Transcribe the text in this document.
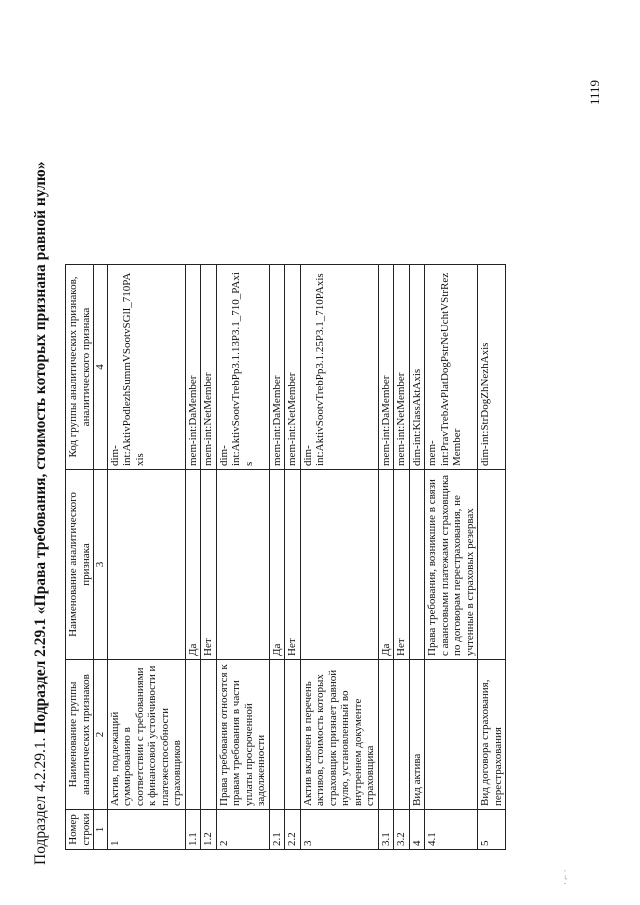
Подраздел 4.2.29.1. Подраздел 2.29.1 «Права требования, стоимость которых признана равной нулю»
Номер строки	Наименование группы аналитических признаков	Наименование аналитического признака	Код группы аналитических признаков, аналитического признака
1	2	3	4
1	Актив, подлежащий суммированию в соответствии с требованиями к финансовой устойчивости и платежеспособности страховщиков		dim-int:AktivPodlezhSummVSootvSGlI_710PAxis
1.1		Да	mem-int:DaMember
1.2		Нет	mem-int:NetMember
2	Права требования относятся к правам требования в части уплаты просроченной задолженности		dim-int:AktivSootvTrebPp3.1.13P3.1_710_PAxis
2.1		Да	mem-int:DaMember
2.2		Нет	mem-int:NetMember
3	Актив включен в перечень активов, стоимость которых страховщик признает равной нулю, установленный во внутреннем документе страховщика		dim-int:AktivSootvTrebPp3.1.25P3.1_710PAxis
3.1		Да	mem-int:DaMember
3.2		Нет	mem-int:NetMember
4	Вид актива		dim-int:KlassAktAxis
4.1		Права требования, возникшие в связи с авансовыми платежами страховщика по договорам перестрахования, не учтенные в страховых резервах	mem-int:PravTrebAvPlatDogPstrNeUchtVStrRezMember
5	Вид договора страхования, перестрахования		dim-int:StrDogZhNezhAxis
1119
· ⌐ ·
